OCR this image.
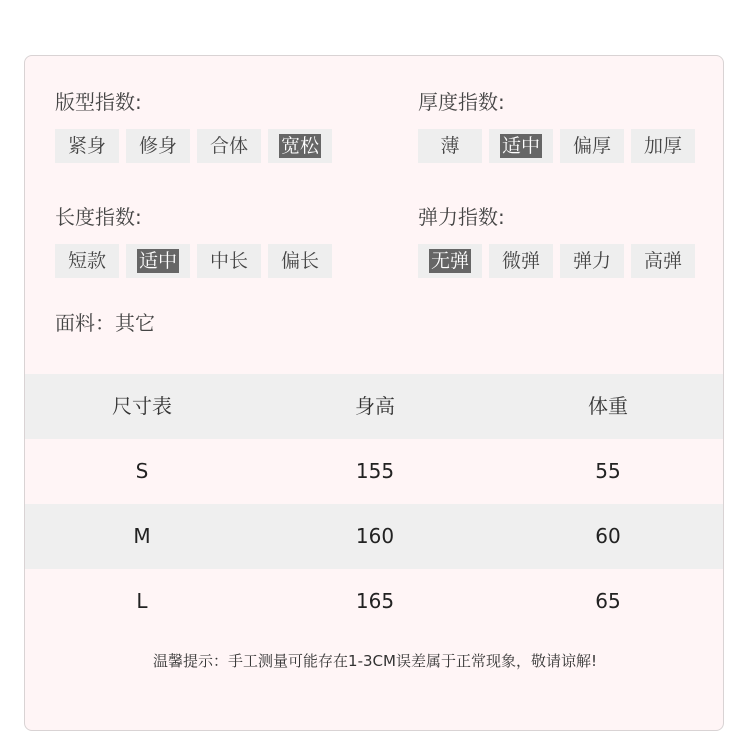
版型指数:
紧身 修身 合体 宽松
厚度指数:
薄 适中 偏厚 加厚
长度指数:
短款 适中 中长 偏长
弹力指数:
无弹 微弹 弹力 高弹
面料：其它
尺寸表	身高	体重
S	155	55
M	160	60
L	165	65
温馨提示：手工测量可能存在1-3CM误差属于正常现象，敬请谅解!
